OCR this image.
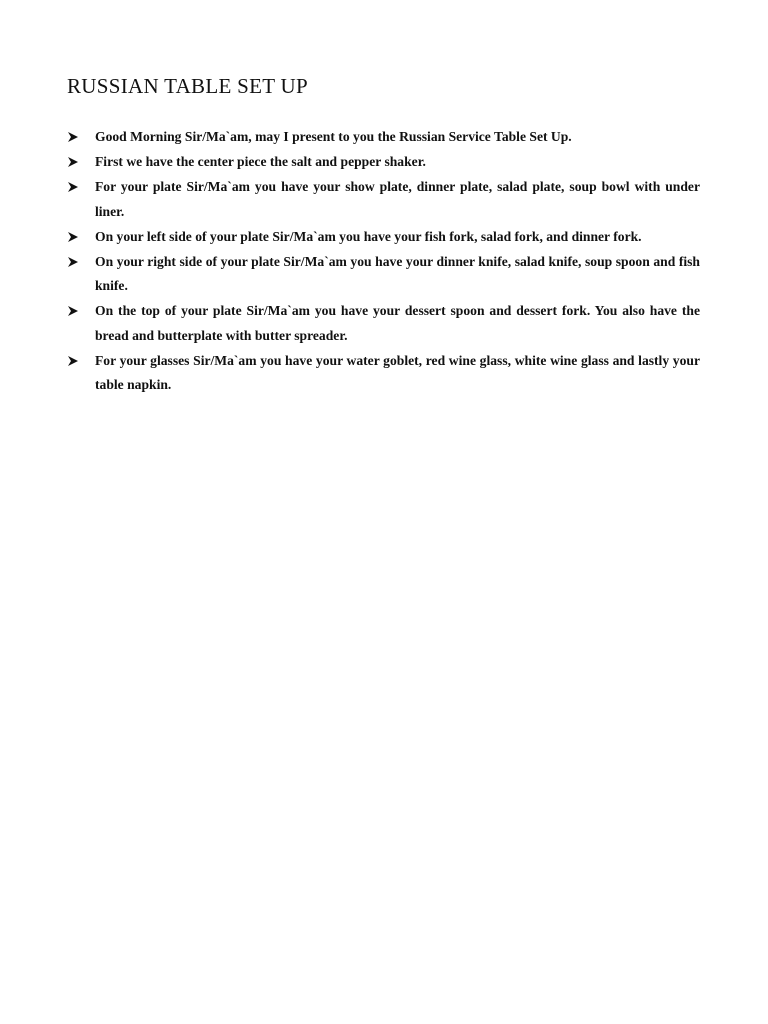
RUSSIAN TABLE SET UP
Good Morning Sir/Ma`am, may I present to you the Russian Service Table Set Up.
First we have the center piece the salt and pepper shaker.
For your plate Sir/Ma`am you have your show plate, dinner plate, salad plate, soup bowl with under liner.
On your left side of your plate Sir/Ma`am you have your fish fork, salad fork, and dinner fork.
On your right side of your plate Sir/Ma`am you have your dinner knife, salad knife, soup spoon and fish knife.
On the top of your plate Sir/Ma`am you have your dessert spoon and dessert fork. You also have the bread and butterplate with butter spreader.
For your glasses Sir/Ma`am you have your water goblet, red wine glass, white wine glass and lastly your table napkin.
